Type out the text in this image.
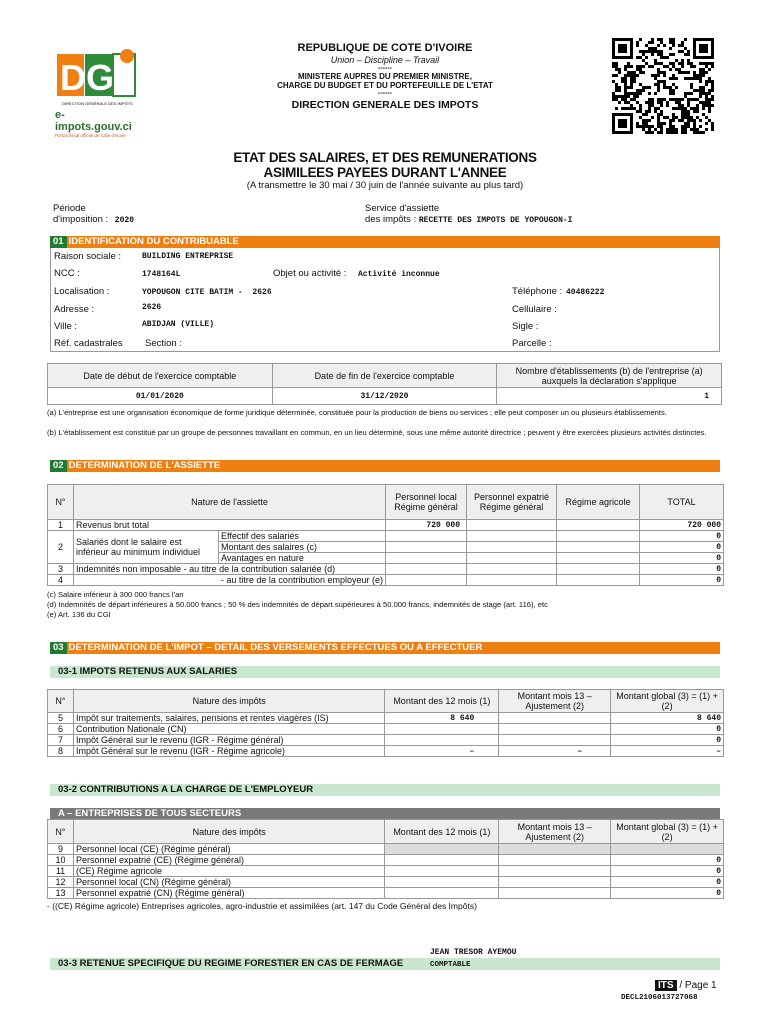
DGI
DIRECTION GÉNÉRALE DES IMPÔTS
e-impots.gouv.ci
Portail fiscal officiel de Côte d'Ivoire
REPUBLIQUE DE COTE D'IVOIRE
Union – Discipline – Travail
------
MINISTERE AUPRES DU PREMIER MINISTRE,
CHARGE DU BUDGET ET DU PORTEFEUILLE DE L'ETAT
------
DIRECTION GENERALE DES IMPOTS
ETAT DES SALAIRES, ET DES REMUNERATIONS
ASIMILEES PAYEES DURANT L'ANNEE
(A transmettre le 30 mai / 30 juin de l'année suivante au plus tard)
Période
d'imposition : 2020
Service d'assiette
des impôts : RECETTE DES IMPOTS DE YOPOUGON-I
01 IDENTIFICATION DU CONTRIBUABLE
Raison sociale :	BUILDING ENTREPRISE
NCC :	1748164L	Objet ou activité : Activité inconnue
Localisation :	YOPOUGON CITE BATIM -  2626	Téléphone : 40486222
Adresse :	2626	Cellulaire :
Ville :	ABIDJAN (VILLE)	Sigle :
Réf. cadastrales Section :	Parcelle :
Date de début de l'exercice comptable	Date de fin de l'exercice comptable	Nombre d'établissements (b) de l'entreprise (a) auxquels la déclaration s'applique
01/01/2020	31/12/2020	1
(a) L'entreprise est une organisation économique de forme juridique déterminée, constituée pour la production de biens ou services ; elle peut composer un ou plusieurs établissements.
(b) L'établissement est constitué par un groupe de personnes travaillant en commun, en un lieu déterminé, sous une même autorité directrice ; peuvent y être exercées plusieurs activités distinctes.
02 DETERMINATION DE L'ASSIETTE
N°	Nature de l'assiette		Personnel local Régime général	Personnel expatrié Régime général	Régime agricole	TOTAL
1	Revenus brut total		720 000			720 000
2	Salariés dont le salaire est inférieur au minimum individuel	Effectif des salariés				0
		Montant des salaires (c)				0
		Avantages en nature				0
3	Indemnités non imposable - au titre de la contribution salariée (d)					0
4	- au titre de la contribution employeur (e)					0
(c) Salaire inférieur à 300 000 francs l'an
(d) Indemnités de départ inférieures à 50.000 francs ; 50 % des indemnités de départ supérieures à 50.000 francs, indemnités de stage (art. 116), etc
(e) Art. 136 du CGI
03 DETERMINATION DE L'IMPOT – DETAIL DES VERSEMENTS EFFECTUES OU A EFFECTUER
03-1 IMPOTS RETENUS AUX SALARIES
N°	Nature des impôts	Montant des 12 mois (1)	Montant mois 13 – Ajustement (2)	Montant global (3) = (1) + (2)
5	Impôt sur traitements, salaires, pensions et rentes viagères (IS)	8 640		8 640
6	Contribution Nationale (CN)			0
7	Impôt Général sur le revenu (IGR - Régime général)			0
8	Impôt Général sur le revenu (IGR - Régime agricole)	–	–	–
03-2 CONTRIBUTIONS A LA CHARGE DE L'EMPLOYEUR
A – ENTREPRISES DE TOUS SECTEURS
N°	Nature des impôts	Montant des 12 mois (1)	Montant mois 13 – Ajustement (2)	Montant global (3) = (1) + (2)
9	Personnel local (CE) (Régime général)			
10	Personnel expatrié (CE) (Régime général)			0
11	(CE) Régime agricole			0
12	Personnel local (CN) (Régime général)			0
13	Personnel expatrié (CN) (Régime général)			0
- ((CE) Régime agricole) Entreprises agricoles, agro-industrie et assimilées (art. 147 du Code Général des Impôts)
JEAN TRESOR AYEMOU
03-3 RETENUE SPECIFIQUE DU REGIME FORESTIER EN CAS DE FERMAGE	COMPTABLE
ITS / Page 1
DECL2106013727068
